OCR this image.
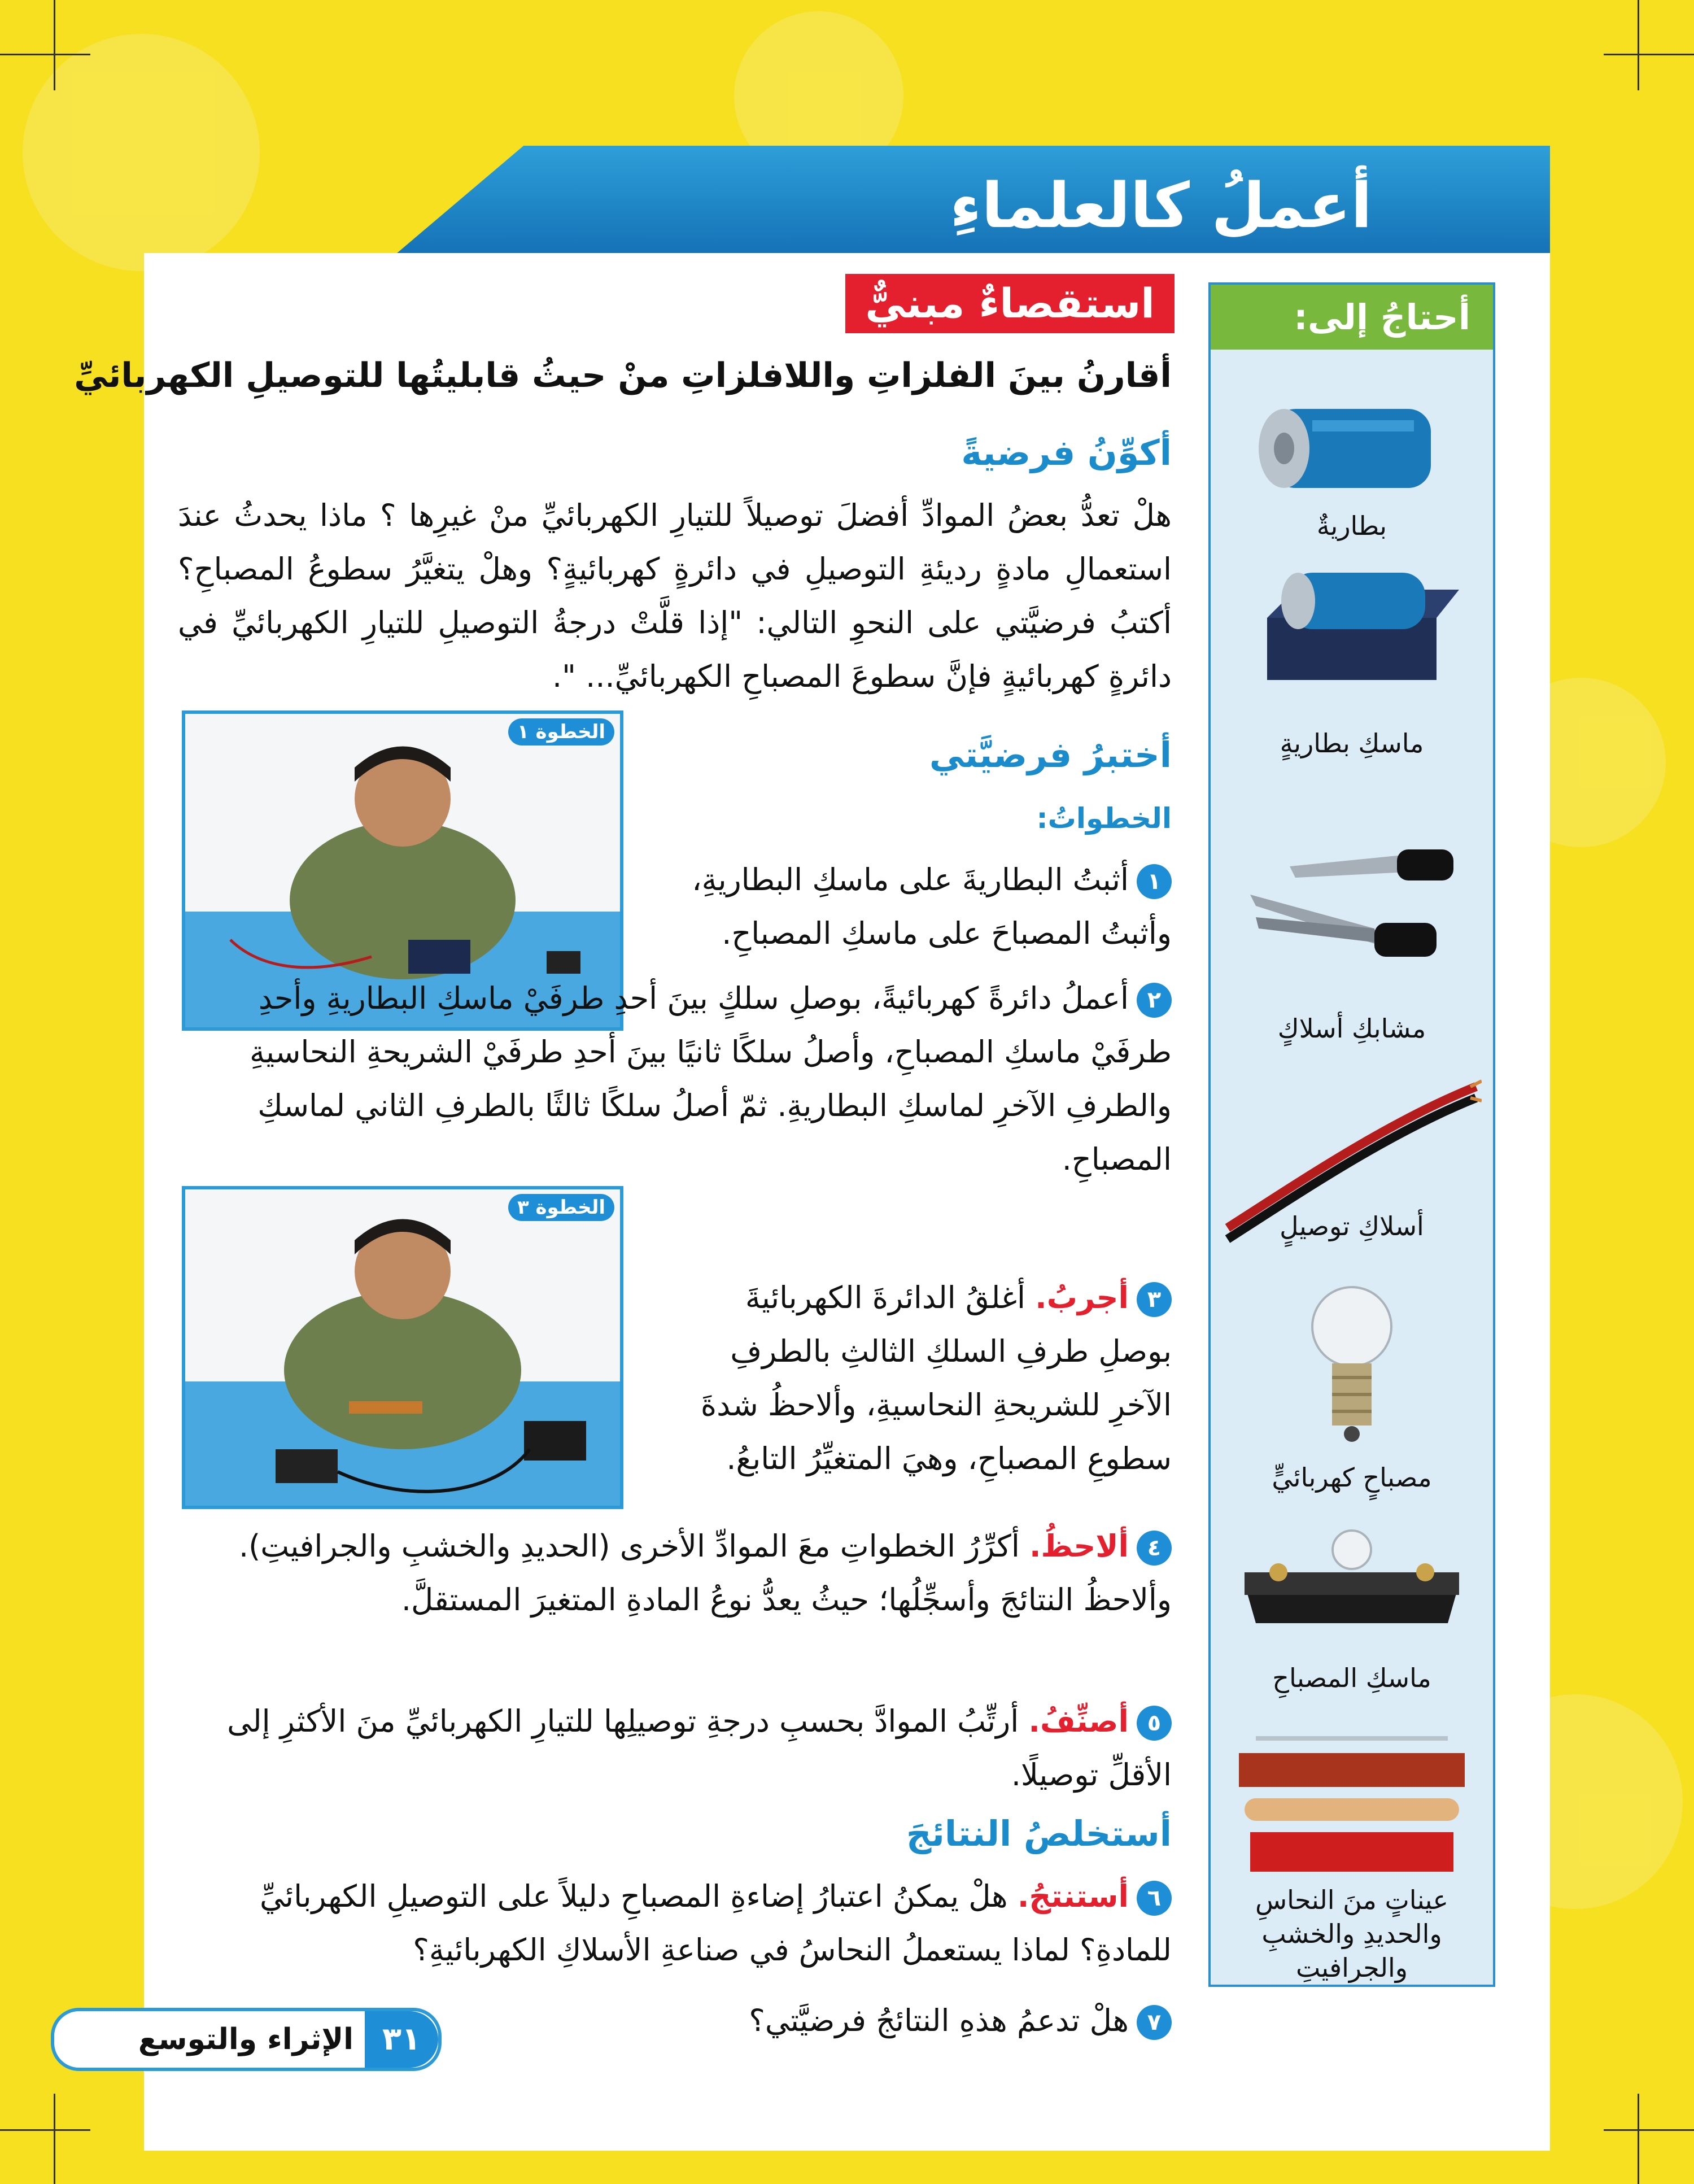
أعملُ كالعلماءِ
استقصاءٌ مبنيٌّ	أحتاجُ إلى:
بطاريةٌ
ماسكِ بطاريةٍ
مشابكِ أسلاكٍ
أسلاكِ توصيلٍ
مصباحٍ كهربائيٍّ
ماسكِ المصباحِ
عيناتٍ منَ النحاسِ والحديدِ والخشبِ والجرافيتِ
أقارنُ بينَ الفلزاتِ واللافلزاتِ منْ حيثُ قابليتُها للتوصيلِ الكهربائيِّ
أكوِّنُ فرضيةً
هلْ تعدُّ بعضُ الموادِّ أفضلَ توصيلاً للتيارِ الكهربائيِّ منْ غيرِها ؟ ماذا يحدثُ عندَ استعمالِ مادةٍ رديئةِ التوصيلِ في دائرةٍ كهربائيةٍ؟ وهلْ يتغيَّرُ سطوعُ المصباحِ؟ أكتبُ فرضيَّتي على النحوِ التالي: "إذا قلَّتْ درجةُ التوصيلِ للتيارِ الكهربائيِّ في دائرةٍ كهربائيةٍ فإنَّ سطوعَ المصباحِ الكهربائيِّ... ".
أختبرُ فرضيَّتي
الخطواتُ:
الخطوة ١
الخطوة ٣
١أثبتُ البطاريةَ على ماسكِ البطاريةِ، وأثبتُ المصباحَ على ماسكِ المصباحِ.
٢أعملُ دائرةً كهربائيةً، بوصلِ سلكٍ بينَ أحدِ طرفَيْ ماسكِ البطاريةِ وأحدِ طرفَيْ ماسكِ المصباحِ، وأصلُ سلكًا ثانيًا بينَ أحدِ طرفَيْ الشريحةِ النحاسيةِ والطرفِ الآخرِ لماسكِ البطاريةِ. ثمّ أصلُ سلكًا ثالثًا بالطرفِ الثاني لماسكِ المصباحِ.
٣أجربُ. أغلقُ الدائرةَ الكهربائيةَ بوصلِ طرفِ السلكِ الثالثِ بالطرفِ الآخرِ للشريحةِ النحاسيةِ، وألاحظُ شدةَ سطوعِ المصباحِ، وهيَ المتغيِّرُ التابعُ.
٤ألاحظُ. أكرِّرُ الخطواتِ معَ الموادِّ الأخرى (الحديدِ والخشبِ والجرافيتِ). وألاحظُ النتائجَ وأسجِّلُها؛ حيثُ يعدُّ نوعُ المادةِ المتغيرَ المستقلَّ.
٥أصنِّفُ. أرتِّبُ الموادَّ بحسبِ درجةِ توصيلِها للتيارِ الكهربائيِّ منَ الأكثرِ إلى الأقلِّ توصيلًا.
أستخلصُ النتائجَ
٦أستنتجُ. هلْ يمكنُ اعتبارُ إضاءةِ المصباحِ دليلاً على التوصيلِ الكهربائيِّ للمادةِ؟ لماذا يستعملُ النحاسُ في صناعةِ الأسلاكِ الكهربائيةِ؟
٧هلْ تدعمُ هذهِ النتائجُ فرضيَّتي؟
٣١
الإثراء والتوسع
